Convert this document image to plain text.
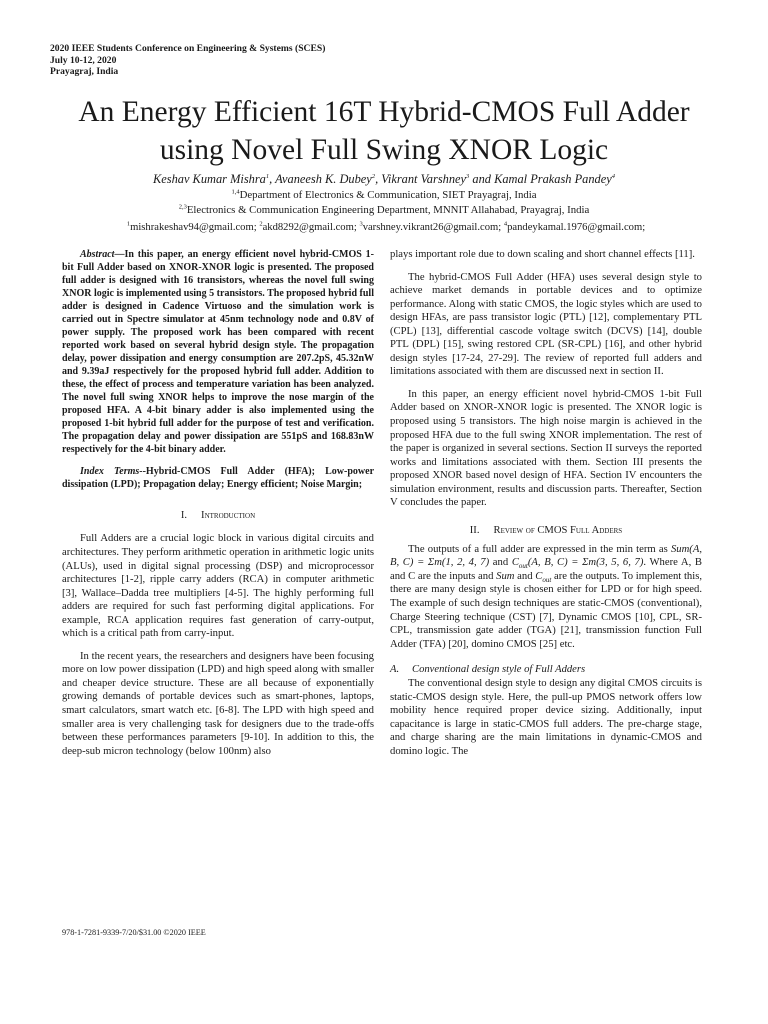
2020 IEEE Students Conference on Engineering & Systems (SCES)
July 10-12, 2020
Prayagraj, India
An Energy Efficient 16T Hybrid-CMOS Full Adder
using Novel Full Swing XNOR Logic
Keshav Kumar Mishra$^1$, Avaneesh K. Dubey$^2$, Vikrant Varshney$^3$ and Kamal Prakash Pandey$^4$
$^{1,4}$Department of Electronics & Communication, SIET Prayagraj, India
$^{2,3}$Electronics & Communication Engineering Department, MNNIT Allahabad, Prayagraj, India
$^1$mishrakeshav94@gmail.com; $^2$akd8292@gmail.com; $^3$varshney.vikrant26@gmail.com; $^4$pandeykamal.1976@gmail.com;

Abstract—In this paper, an energy efficient novel hybrid-CMOS 1-bit Full Adder based on XNOR-XNOR logic is presented. The proposed full adder is designed with 16 transistors, whereas the novel full swing XNOR logic is implemented using 5 transistors. The proposed hybrid full adder is designed in Cadence Virtuoso and the simulation work is carried out in Spectre simulator at 45nm technology node and 0.8V of power supply. The proposed work has been compared with recent reported work based on several hybrid design style. The propagation delay, power dissipation and energy consumption are 207.2pS, 45.32nW and 9.39aJ respectively for the proposed hybrid full adder. Addition to these, the effect of process and temperature variation has been analyzed. The novel full swing XNOR helps to improve the nose margin of the proposed HFA. A 4-bit binary adder is also implemented using the proposed 1-bit hybrid full adder for the purpose of test and verification. The propagation delay and power dissipation are 551pS and 168.83nW respectively for the 4-bit binary adder.

Index Terms--Hybrid-CMOS Full Adder (HFA); Low-power dissipation (LPD); Propagation delay; Energy efficient; Noise Margin;

I. Introduction

Full Adders are a crucial logic block in various digital circuits and architectures. They perform arithmetic operation in arithmetic logic units (ALUs), used in digital signal processing (DSP) and microprocessor architectures [1-2], ripple carry adders (RCA) in computer arithmetic [3], Wallace–Dadda tree multipliers [4-5]. The highly performing full adders are required for such fast performing digital applications. For example, RCA application requires fast generation of carry-output, which is a critical path from carry-input.

In the recent years, the researchers and designers have been focusing more on low power dissipation (LPD) and high speed along with smaller and cheaper device structure. These are all because of exponentially growing demands of portable devices such as smart-phones, laptops, smart calculators, smart watch etc. [6-8]. The LPD with high speed and smaller area is very challenging task for designers due to the trade-offs between these performances parameters [9-10]. In addition to this, the deep-sub micron technology (below 100nm) also

plays important role due to down scaling and short channel effects [11].

The hybrid-CMOS Full Adder (HFA) uses several design style to achieve market demands in portable devices and to optimize performance. Along with static CMOS, the logic styles which are used to design HFAs, are pass transistor logic (PTL) [12], complementary PTL (CPL) [13], differential cascode voltage switch (DCVS) [14], double PTL (DPL) [15], swing restored CPL (SR-CPL) [16], and other hybrid design styles [17-24, 27-29]. The review of reported full adders and limitations associated with them are discussed next in section II.

In this paper, an energy efficient novel hybrid-CMOS 1-bit Full Adder based on XNOR-XNOR logic is presented. The XNOR logic is proposed using 5 transistors. The high noise margin is achieved in the proposed HFA due to the full swing XNOR implementation. The rest of the paper is organized in several sections. Section II surveys the reported works and limitations associated with them. Section III presents the proposed XNOR based novel design of HFA. Section IV encounters the simulation environment, results and discussion parts. Thereafter, Section V concludes the paper.

II. Review of CMOS Full Adders

The outputs of a full adder are expressed in the min term as Sum(A, B, C) = Σm(1, 2, 4, 7) and $C_{out}(A$, B, C) = Σm(3, 5, 6, 7). Where A, B and C are the inputs and Sum and $C_{out}$ are the outputs. To implement this, there are many design style is chosen either for LPD or for high speed. The example of such design techniques are static-CMOS (conventional), Charge Steering technique (CST) [7], Dynamic CMOS [10], CPL, SR-CPL, transmission gate adder (TGA) [21], transmission function Full Adder (TFA) [20], domino CMOS [25] etc.

A. Conventional design style of Full Adders

The conventional design style to design any digital CMOS circuits is static-CMOS design style. Here, the pull-up PMOS network offers low mobility hence required proper device sizing. Additionally, input capacitance is large in static-CMOS full adders. The pre-charge stage, and charge sharing are the main limitations in dynamic-CMOS and domino logic. The

978-1-7281-9339-7/20/$31.00 ©2020 IEEE
